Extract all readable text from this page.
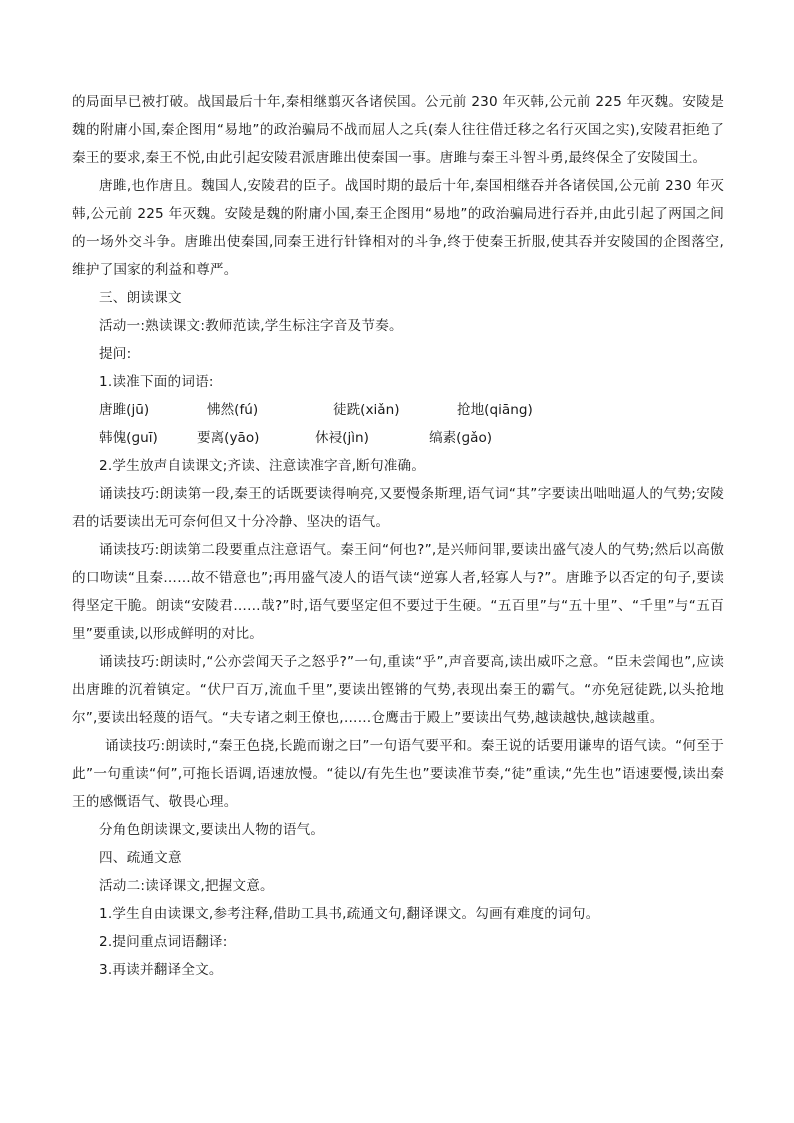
的局面早已被打破。战国最后十年,秦相继翦灭各诸侯国。公元前 230 年灭韩,公元前 225 年灭魏。安陵是魏的附庸小国,秦企图用“易地”的政治骗局不战而屈人之兵(秦人往往借迁移之名行灭国之实),安陵君拒绝了秦王的要求,秦王不悦,由此引起安陵君派唐雎出使秦国一事。唐雎与秦王斗智斗勇,最终保全了安陵国土。

唐雎,也作唐且。魏国人,安陵君的臣子。战国时期的最后十年,秦国相继吞并各诸侯国,公元前 230 年灭韩,公元前 225 年灭魏。安陵是魏的附庸小国,秦王企图用“易地”的政治骗局进行吞并,由此引起了两国之间的一场外交斗争。唐雎出使秦国,同秦王进行针锋相对的斗争,终于使秦王折服,使其吞并安陵国的企图落空,维护了国家的利益和尊严。

三、朗读课文

活动一:熟读课文:教师范读,学生标注字音及节奏。

提问:

1.读准下面的词语:

唐雎(jū)	怫然(fú)	徒跣(xiǎn)	抢地(qiāng)
韩傀(ɡuī)	要离(yāo)	休祲(jìn)	缟素(ɡǎo)

2.学生放声自读课文;齐读、注意读准字音,断句准确。

诵读技巧:朗读第一段,秦王的话既要读得响亮,又要慢条斯理,语气词“其”字要读出咄咄逼人的气势;安陵君的话要读出无可奈何但又十分冷静、坚决的语气。

诵读技巧:朗读第二段要重点注意语气。秦王问“何也?”,是兴师问罪,要读出盛气凌人的气势;然后以高傲的口吻读“且秦……故不错意也”;再用盛气凌人的语气读“逆寡人者,轻寡人与?”。唐雎予以否定的句子,要读得坚定干脆。朗读“安陵君……哉?”时,语气要坚定但不要过于生硬。“五百里”与“五十里”、“千里”与“五百里”要重读,以形成鲜明的对比。

诵读技巧:朗读时,“公亦尝闻天子之怒乎?”一句,重读“乎”,声音要高,读出威吓之意。“臣未尝闻也”,应读出唐雎的沉着镇定。“伏尸百万,流血千里”,要读出铿锵的气势,表现出秦王的霸气。“亦免冠徒跣,以头抢地尔”,要读出轻蔑的语气。“夫专诸之刺王僚也,……仓鹰击于殿上”要读出气势,越读越快,越读越重。

诵读技巧:朗读时,“秦王色挠,长跪而谢之曰”一句语气要平和。秦王说的话要用谦卑的语气读。“何至于此”一句重读“何”,可拖长语调,语速放慢。“徒以/有先生也”要读准节奏,“徒”重读,“先生也”语速要慢,读出秦王的感慨语气、敬畏心理。

分角色朗读课文,要读出人物的语气。

四、疏通文意

活动二:读译课文,把握文意。

1.学生自由读课文,参考注释,借助工具书,疏通文句,翻译课文。勾画有难度的词句。

2.提问重点词语翻译:

3.再读并翻译全文。
